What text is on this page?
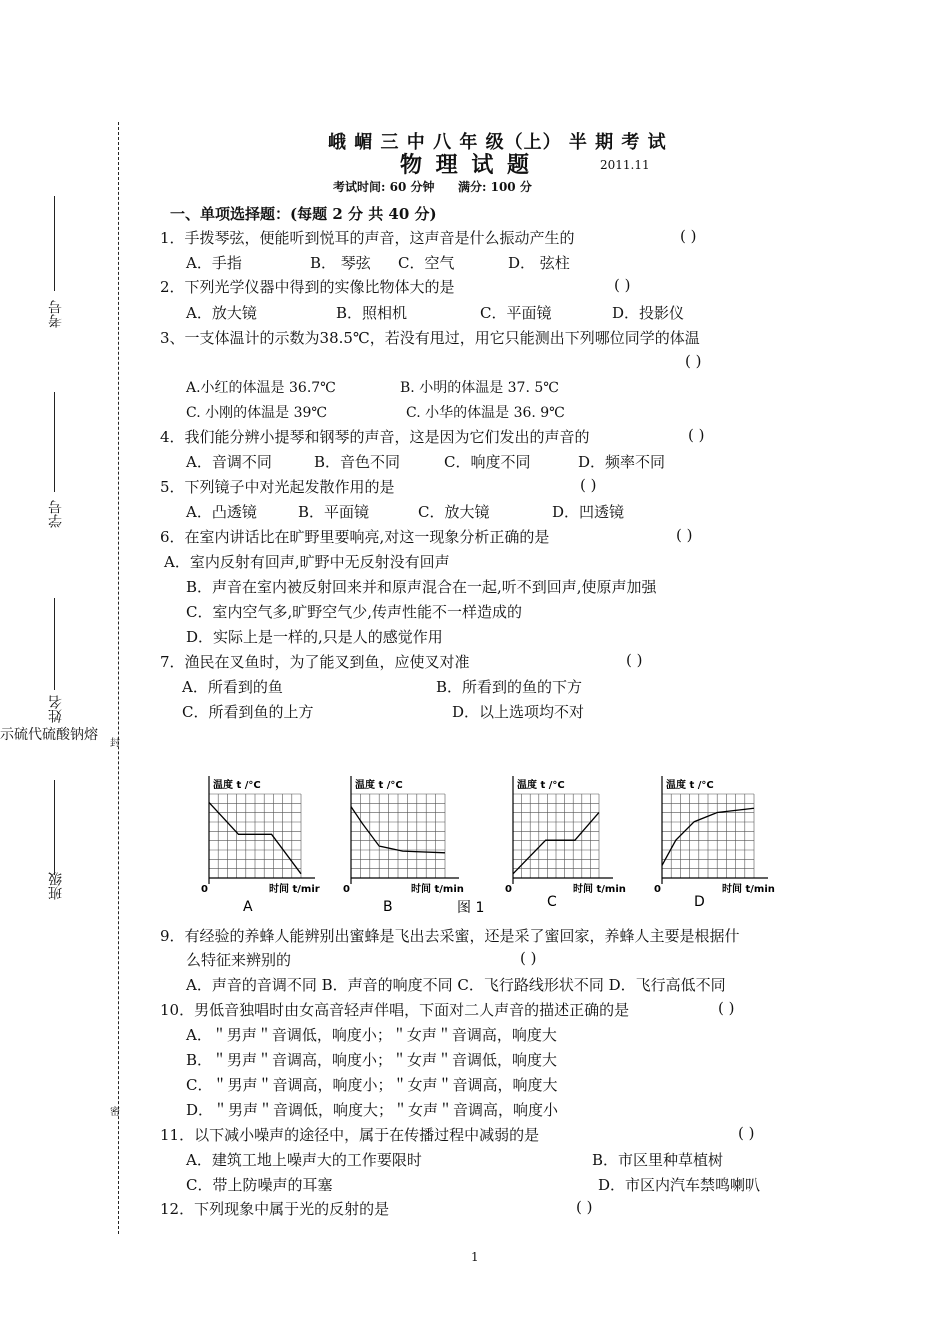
考号
学号
姓名
示硫代硫酸钠熔
封
班级
密
峨 嵋 三 中 八 年 级（上） 半 期 考 试
物 理 试 题	2011.11
考试时间: 60 分钟 满分: 100 分
一、单项选择题：(每题 2 分 共 40 分)
1．手拨琴弦，便能听到悦耳的声音，这声音是什么振动产生的	( )
A．手指	B． 琴弦 C．空气	D． 弦柱
2．下列光学仪器中得到的实像比物体大的是	( )
A．放大镜	B．照相机	C．平面镜	D．投影仪
3、一支体温计的示数为38.5℃，若没有甩过，用它只能测出下列哪位同学的体温
( )
A.小红的体温是 36.7℃	B. 小明的体温是 37. 5℃
C. 小刚的体温是 39℃	C. 小华的体温是 36. 9℃
4．我们能分辨小提琴和钢琴的声音，这是因为它们发出的声音的	( )
A．音调不同	B．音色不同	C．响度不同	D．频率不同
5．下列镜子中对光起发散作用的是	( )
A．凸透镜	B．平面镜	C．放大镜	D．凹透镜
6．在室内讲话比在旷野里要响亮,对这一现象分析正确的是	( )
A．室内反射有回声,旷野中无反射没有回声
B．声音在室内被反射回来并和原声混合在一起,听不到回声,使原声加强
C．室内空气多,旷野空气少,传声性能不一样造成的
D．实际上是一样的,只是人的感觉作用
7．渔民在叉鱼时，为了能叉到鱼，应使叉对准	( )
A．所看到的鱼	B．所看到的鱼的下方
C．所看到鱼的上方	D．以上选项均不对
温度 t /°C
0	时间 t/mir
A
温度 t /°C
0	时间 t/min
B
温度 t /°C
0	时间 t/min
C
温度 t /°C
0	时间 t/min
D
图 1
9．有经验的养蜂人能辨别出蜜蜂是飞出去采蜜，还是采了蜜回家，养蜂人主要是根据什
么特征来辨别的	( )
A．声音的音调不同 B．声音的响度不同 C．飞行路线形状不同 D．飞行高低不同
10．男低音独唱时由女高音轻声伴唱，下面对二人声音的描述正确的是	( )
A．＂男声＂音调低，响度小；＂女声＂音调高，响度大
B．＂男声＂音调高，响度小；＂女声＂音调低，响度大
C．＂男声＂音调高，响度小；＂女声＂音调高，响度大
D．＂男声＂音调低，响度大；＂女声＂音调高，响度小
11．以下减小噪声的途径中，属于在传播过程中减弱的是	( )
A．建筑工地上噪声大的工作要限时	B．市区里种草植树
C．带上防噪声的耳塞	D．市区内汽车禁鸣喇叭
12．下列现象中属于光的反射的是	( )
1
